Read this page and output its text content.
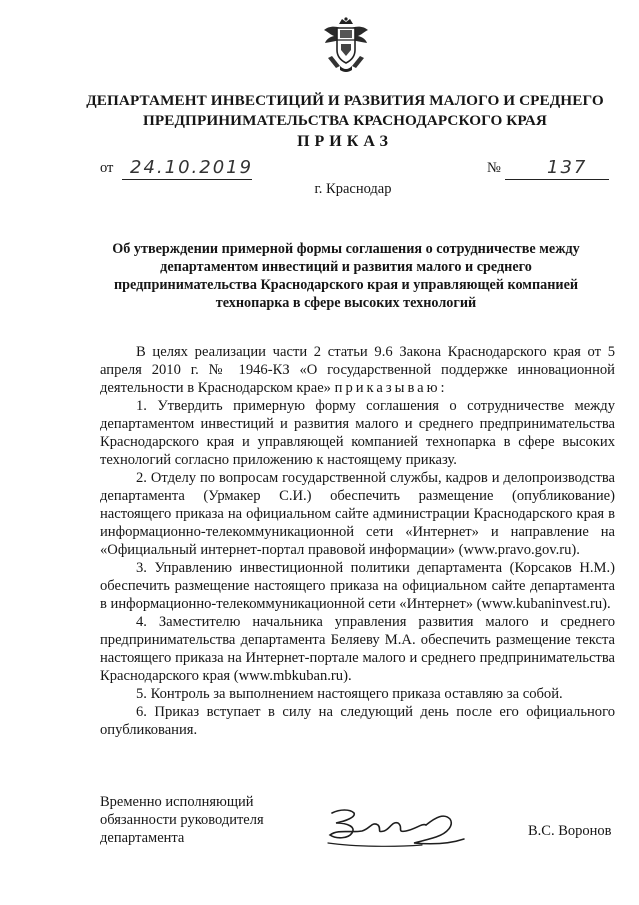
ДЕПАРТАМЕНТ ИНВЕСТИЦИЙ И РАЗВИТИЯ МАЛОГО И СРЕДНЕГО ПРЕДПРИНИМАТЕЛЬСТВА КРАСНОДАРСКОГО КРАЯ
ПРИКАЗ
от 24.10.2019	№	137
г. Краснодар
Об утверждении примерной формы соглашения о сотрудничестве между департаментом инвестиций и развития малого и среднего предпринимательства Краснодарского края и управляющей компанией технопарка в сфере высоких технологий

В целях реализации части 2 статьи 9.6 Закона Краснодарского края от 5 апреля 2010 г. № 1946-КЗ «О государственной поддержке инновационной деятельности в Краснодарском крае» приказываю:

1. Утвердить примерную форму соглашения о сотрудничестве между департаментом инвестиций и развития малого и среднего предпринимательства Краснодарского края и управляющей компанией технопарка в сфере высоких технологий согласно приложению к настоящему приказу.

2. Отделу по вопросам государственной службы, кадров и делопроизводства департамента (Урмакер С.И.) обеспечить размещение (опубликование) настоящего приказа на официальном сайте администрации Краснодарского края в информационно-телекоммуникационной сети «Интернет» и направление на «Официальный интернет-портал правовой информации» (www.pravo.gov.ru).

3. Управлению инвестиционной политики департамента (Корсаков Н.М.) обеспечить размещение настоящего приказа на официальном сайте департамента в информационно-телекоммуникационной сети «Интернет» (www.kubaninvest.ru).

4. Заместителю начальника управления развития малого и среднего предпринимательства департамента Беляеву М.А. обеспечить размещение текста настоящего приказа на Интернет-портале малого и среднего предпринимательства Краснодарского края (www.mbkuban.ru).

5. Контроль за выполнением настоящего приказа оставляю за собой.

6. Приказ вступает в силу на следующий день после его официального опубликования.

Временно исполняющий
обязанности руководителя
департамента	В.С. Воронов
